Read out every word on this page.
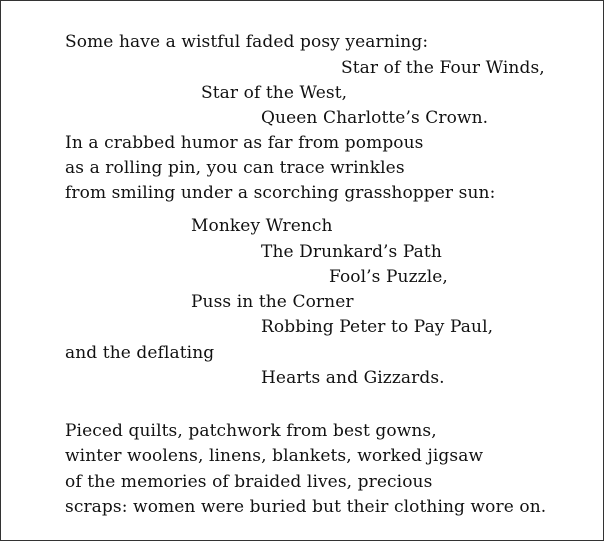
Some have a wistful faded posy yearning:
Star of the Four Winds,
Star of the West,
Queen Charlotte’s Crown.
In a crabbed humor as far from pompous
as a rolling pin, you can trace wrinkles
from smiling under a scorching grasshopper sun:
Monkey Wrench
The Drunkard’s Path
Fool’s Puzzle,
Puss in the Corner
Robbing Peter to Pay Paul,
and the deflating
Hearts and Gizzards.
Pieced quilts, patchwork from best gowns,
winter woolens, linens, blankets, worked jigsaw
of the memories of braided lives, precious
scraps: women were buried but their clothing wore on.
